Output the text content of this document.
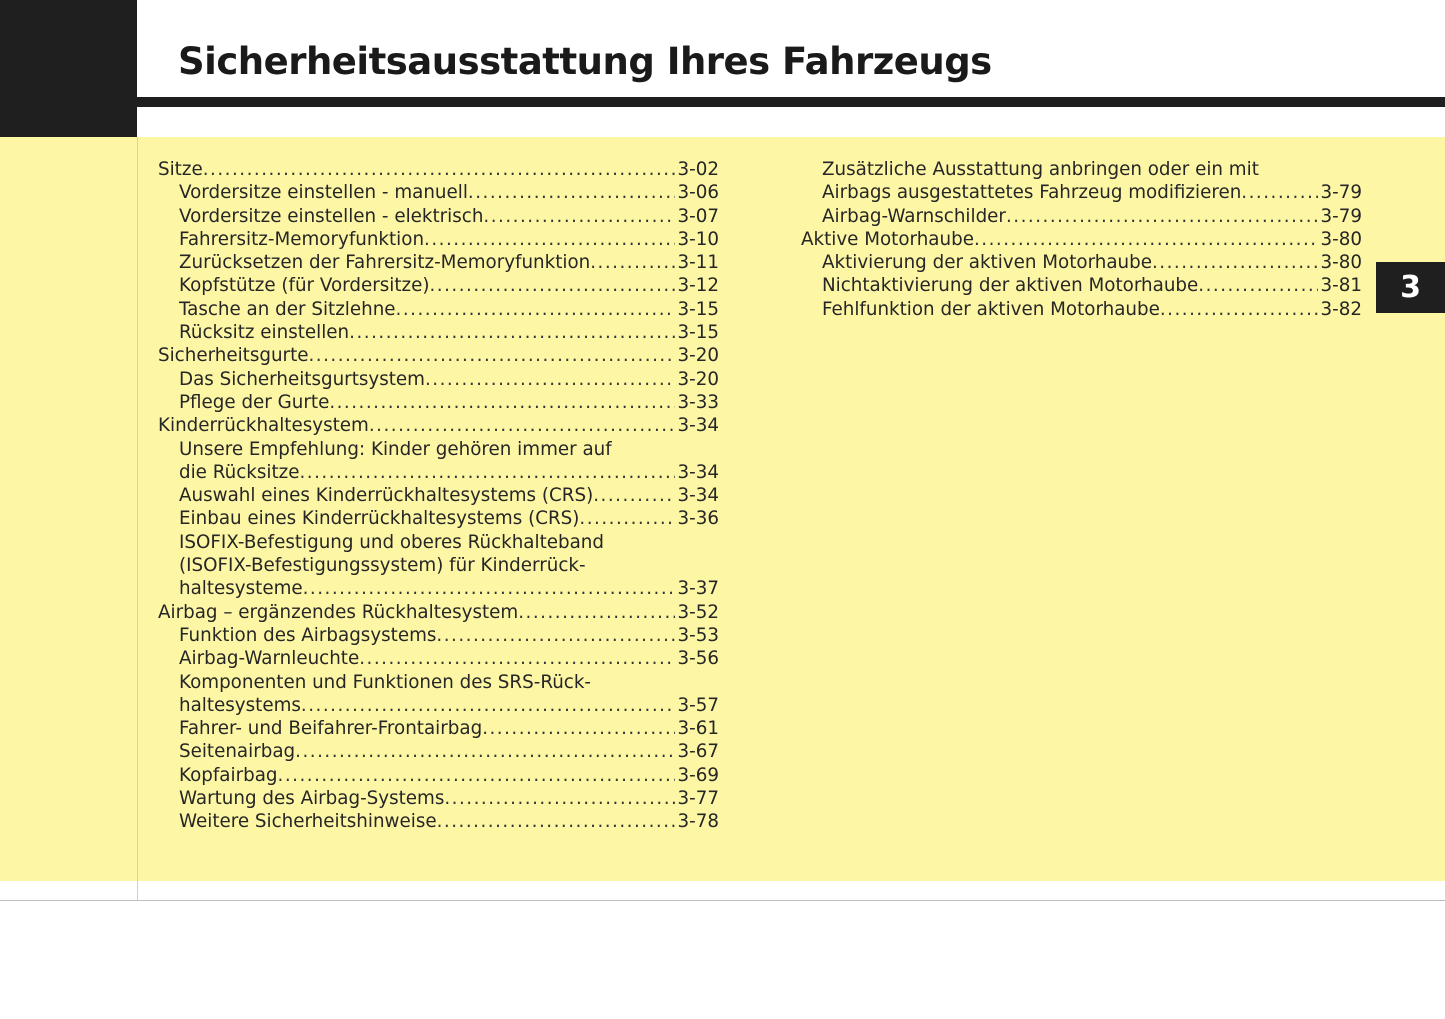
Sicherheitsausstattung Ihres Fahrzeugs
3
Sitze .....	3-02
Vordersitze einstellen - manuell .....	3-06
Vordersitze einstellen - elektrisch .....	3-07
Fahrersitz-Memoryfunktion .....	3-10
Zurücksetzen der Fahrersitz-Memoryfunktion .....	3-11
Kopfstütze (für Vordersitze) .....	3-12
Tasche an der Sitzlehne .....	3-15
Rücksitz einstellen .....	3-15
Sicherheitsgurte .....	3-20
Das Sicherheitsgurtsystem .....	3-20
Pflege der Gurte .....	3-33
Kinderrückhaltesystem .....	3-34
Unsere Empfehlung: Kinder gehören immer auf
die Rücksitze .....	3-34
Auswahl eines Kinderrückhaltesystems (CRS) .....	3-34
Einbau eines Kinderrückhaltesystems (CRS) .....	3-36
ISOFIX-Befestigung und oberes Rückhalteband
(ISOFIX-Befestigungssystem) für Kinderrück-
haltesysteme .....	3-37
Airbag – ergänzendes Rückhaltesystem .....	3-52
Funktion des Airbagsystems .....	3-53
Airbag-Warnleuchte .....	3-56
Komponenten und Funktionen des SRS-Rück-
haltesystems .....	3-57
Fahrer- und Beifahrer-Frontairbag .....	3-61
Seitenairbag .....	3-67
Kopfairbag .....	3-69
Wartung des Airbag-Systems .....	3-77
Weitere Sicherheitshinweise .....	3-78
Zusätzliche Ausstattung anbringen oder ein mit
Airbags ausgestattetes Fahrzeug modifizieren .....	3-79
Airbag-Warnschilder .....	3-79
Aktive Motorhaube .....	3-80
Aktivierung der aktiven Motorhaube .....	3-80
Nichtaktivierung der aktiven Motorhaube .....	3-81
Fehlfunktion der aktiven Motorhaube .....	3-82
